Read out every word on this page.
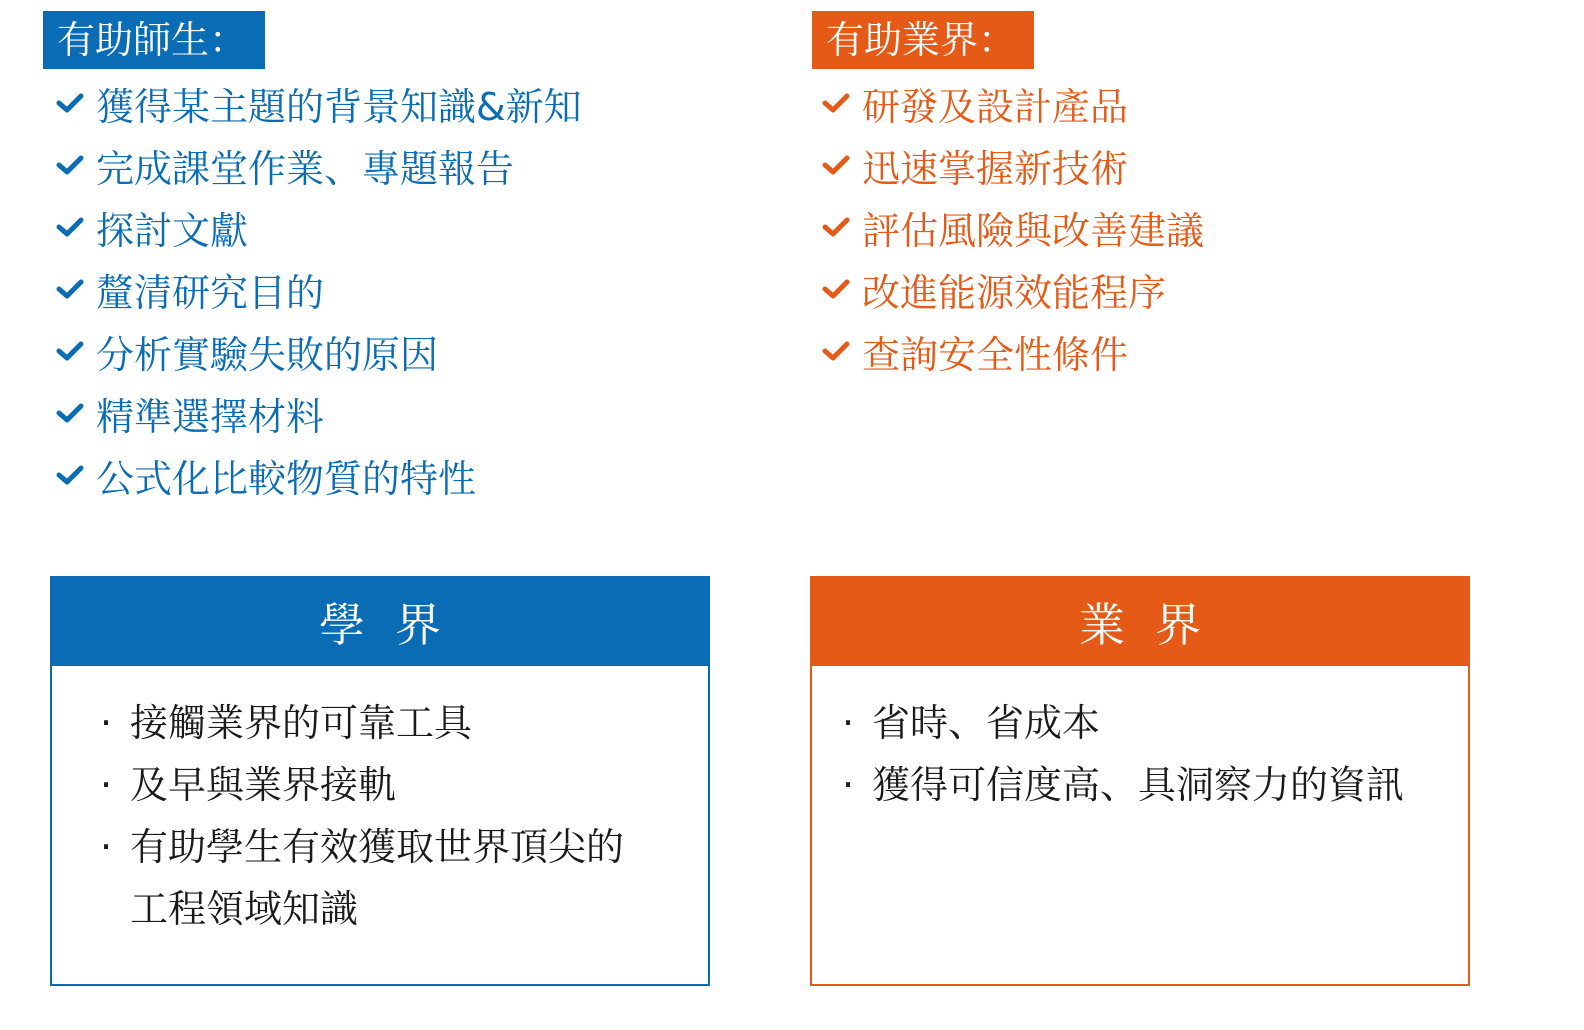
有助師生：	有助業界：
獲得某主題的背景知識&新知
完成課堂作業、專題報告
探討文獻
釐清研究目的
分析實驗失敗的原因
精準選擇材料
公式化比較物質的特性
研發及設計產品
迅速掌握新技術
評估風險與改善建議
改進能源效能程序
查詢安全性條件
學界
· 接觸業界的可靠工具
· 及早與業界接軌
· 有助學生有效獲取世界頂尖的
工程領域知識
業界
· 省時、省成本
· 獲得可信度高、具洞察力的資訊
